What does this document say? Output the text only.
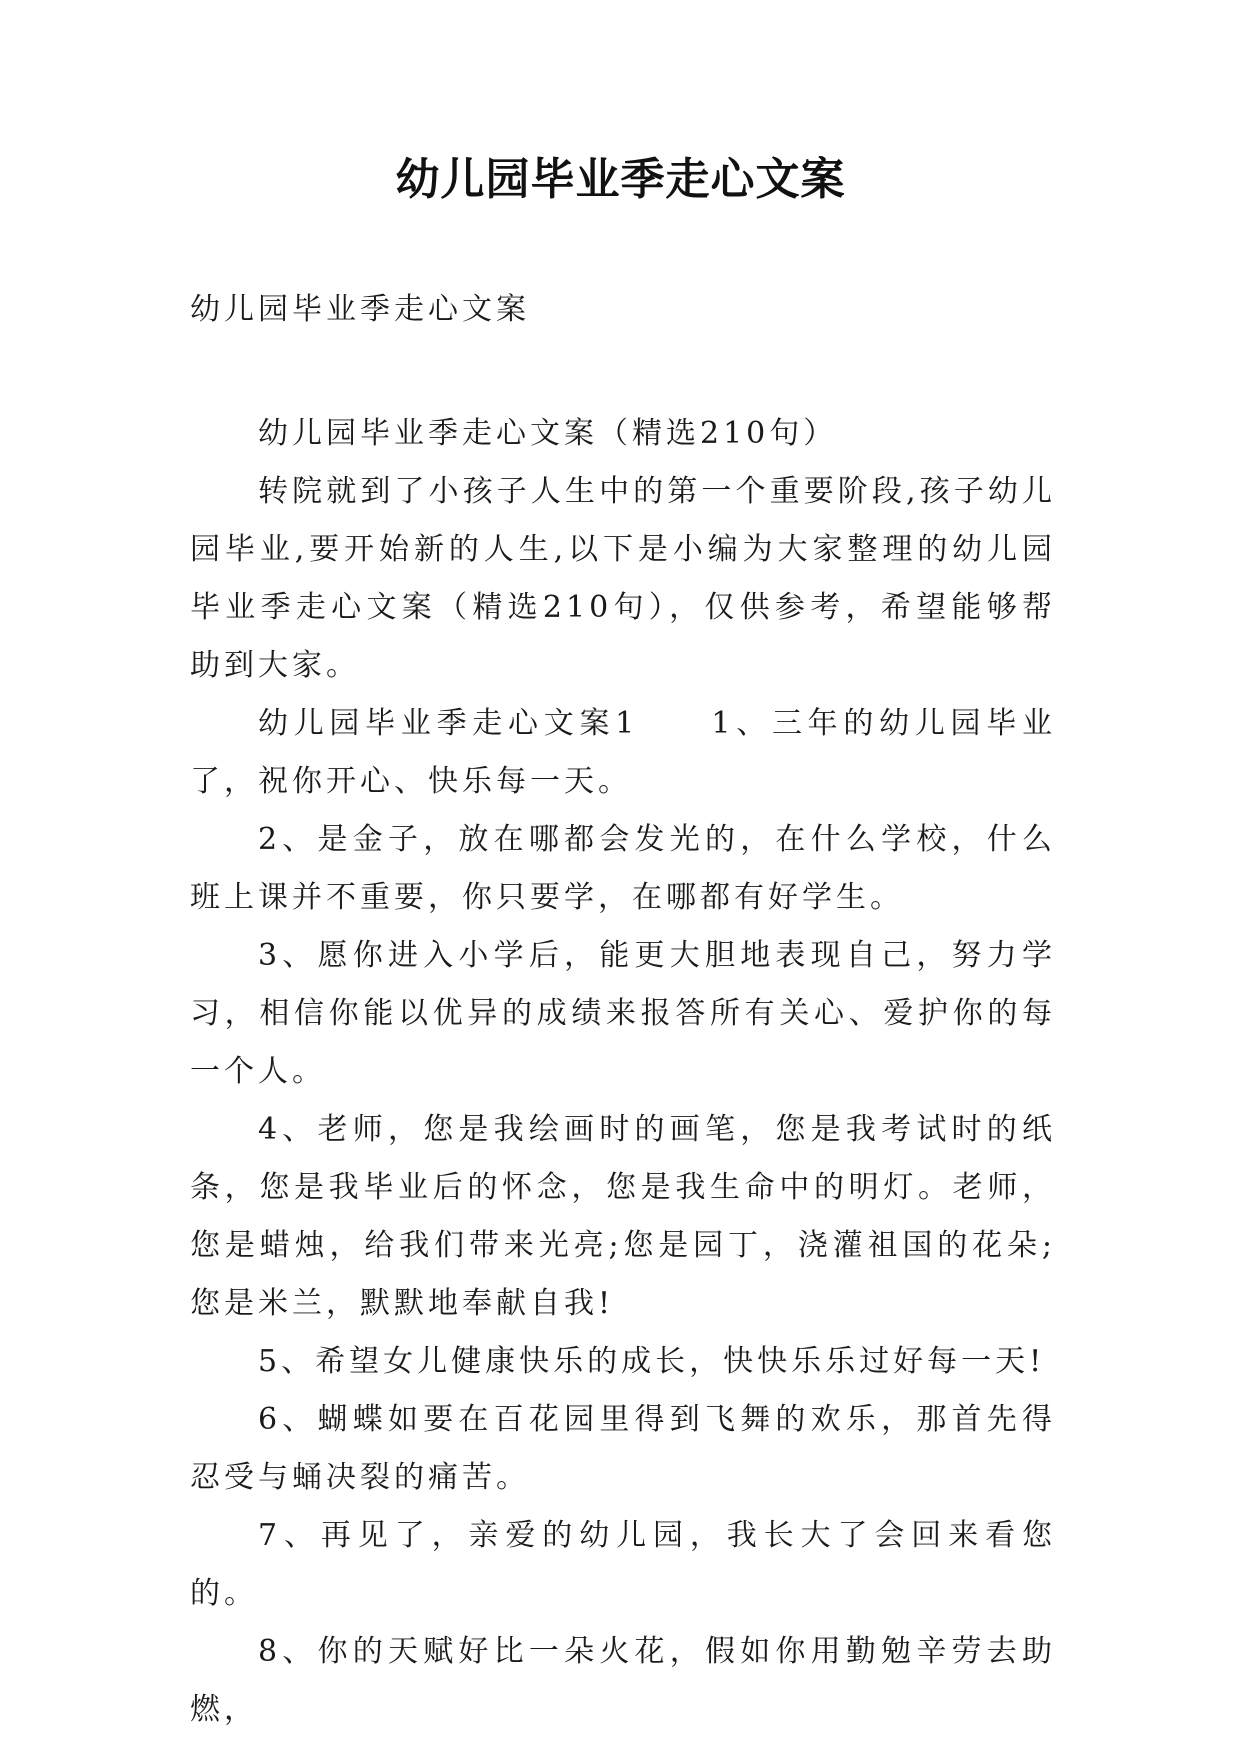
幼儿园毕业季走心文案
幼儿园毕业季走心文案

幼儿园毕业季走心文案（精选210句）

转院就到了小孩子人生中的第一个重要阶段,孩子幼儿园毕业,要开始新的人生,以下是小编为大家整理的幼儿园毕业季走心文案（精选210句），仅供参考，希望能够帮助到大家。

幼儿园毕业季走心文案1　　1、三年的幼儿园毕业了，祝你开心、快乐每一天。

2、是金子，放在哪都会发光的，在什么学校，什么班上课并不重要，你只要学，在哪都有好学生。

3、愿你进入小学后，能更大胆地表现自己，努力学习，相信你能以优异的成绩来报答所有关心、爱护你的每一个人。

4、老师，您是我绘画时的画笔，您是我考试时的纸条，您是我毕业后的怀念，您是我生命中的明灯。老师，您是蜡烛，给我们带来光亮;您是园丁，浇灌祖国的花朵;您是米兰，默默地奉献自我!

5、希望女儿健康快乐的成长，快快乐乐过好每一天!

6、蝴蝶如要在百花园里得到飞舞的欢乐，那首先得忍受与蛹决裂的痛苦。

7、再见了，亲爱的幼儿园，我长大了会回来看您的。

8、你的天赋好比一朵火花，假如你用勤勉辛劳去助燃，
